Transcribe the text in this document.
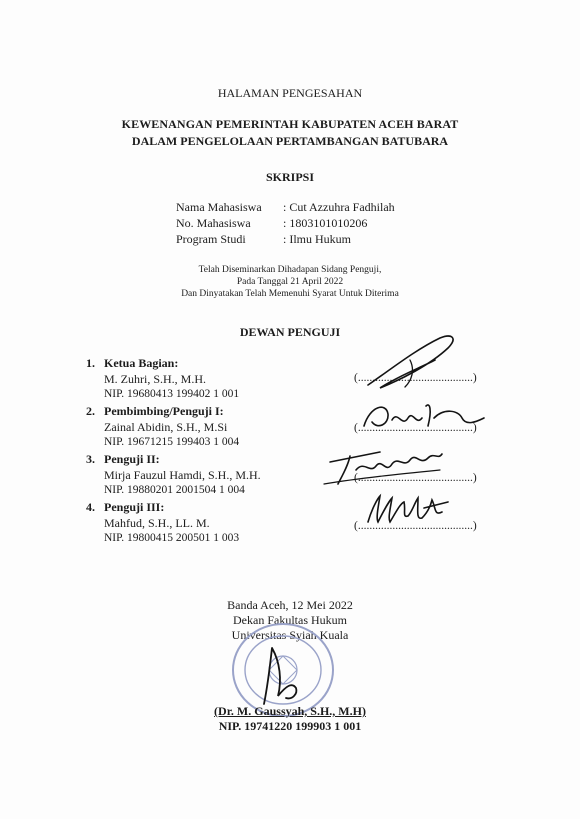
HALAMAN PENGESAHAN
KEWENANGAN PEMERINTAH KABUPATEN ACEH BARAT
DALAM PENGELOLAAN PERTAMBANGAN BATUBARA
SKRIPSI
Nama Mahasiswa : Cut Azzuhra Fadhilah
No. Mahasiswa	: 1803101010206
Program Studi	: Ilmu Hukum
Telah Diseminarkan Dihadapan Sidang Penguji,
Pada Tanggal 21 April 2022
Dan Dinyatakan Telah Memenuhi Syarat Untuk Diterima
DEWAN PENGUJI
1. Ketua Bagian:
M. Zuhri, S.H., M.H.
NIP. 19680413 199402 1 001
(........................................)
2. Pembimbing/Penguji I:
Zainal Abidin, S.H., M.Si
NIP. 19671215 199403 1 004
(........................................)
3. Penguji II:
Mirja Fauzul Hamdi, S.H., M.H.
NIP. 19880201 2001504 1 004
(........................................)
4. Penguji III:
Mahfud, S.H., LL. M.
NIP. 19800415 200501 1 003
(........................................)
Banda Aceh, 12 Mei 2022
Dekan Fakultas Hukum
Universitas Syiah Kuala
(Dr. M. Gaussyah, S.H., M.H)
NIP. 19741220 199903 1 001
